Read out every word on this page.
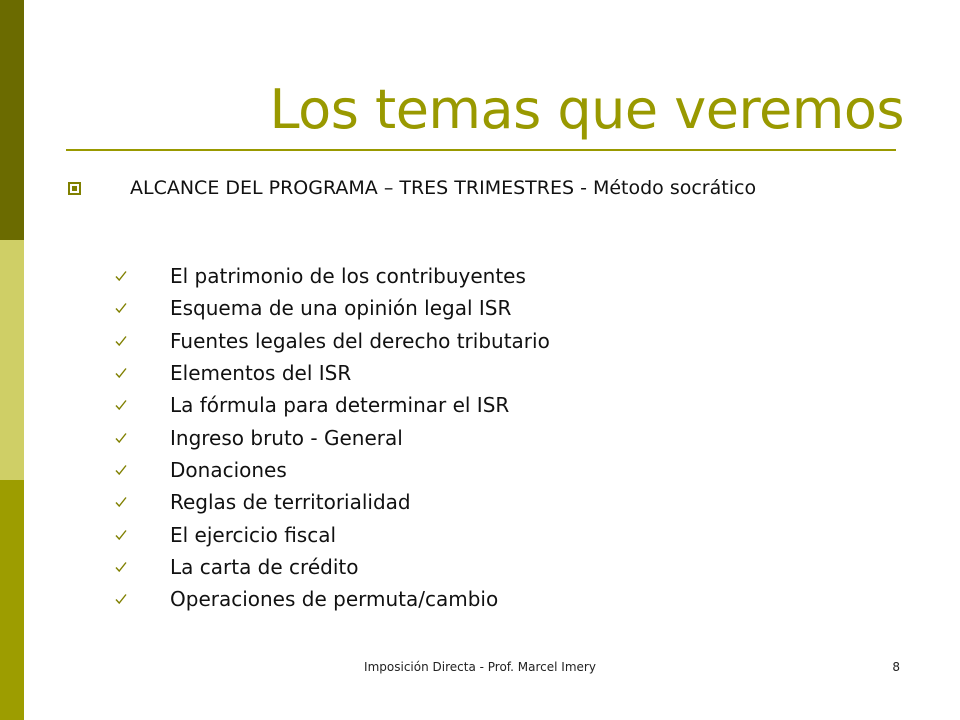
Los temas que veremos
ALCANCE DEL PROGRAMA – TRES TRIMESTRES - Método socrático
El patrimonio de los contribuyentes
Esquema de una opinión legal ISR
Fuentes legales del derecho tributario
Elementos del ISR
La fórmula para determinar el ISR
Ingreso bruto - General
Donaciones
Reglas de territorialidad
El ejercicio fiscal
La carta de crédito
Operaciones de permuta/cambio
Imposición Directa - Prof. Marcel Imery	8
